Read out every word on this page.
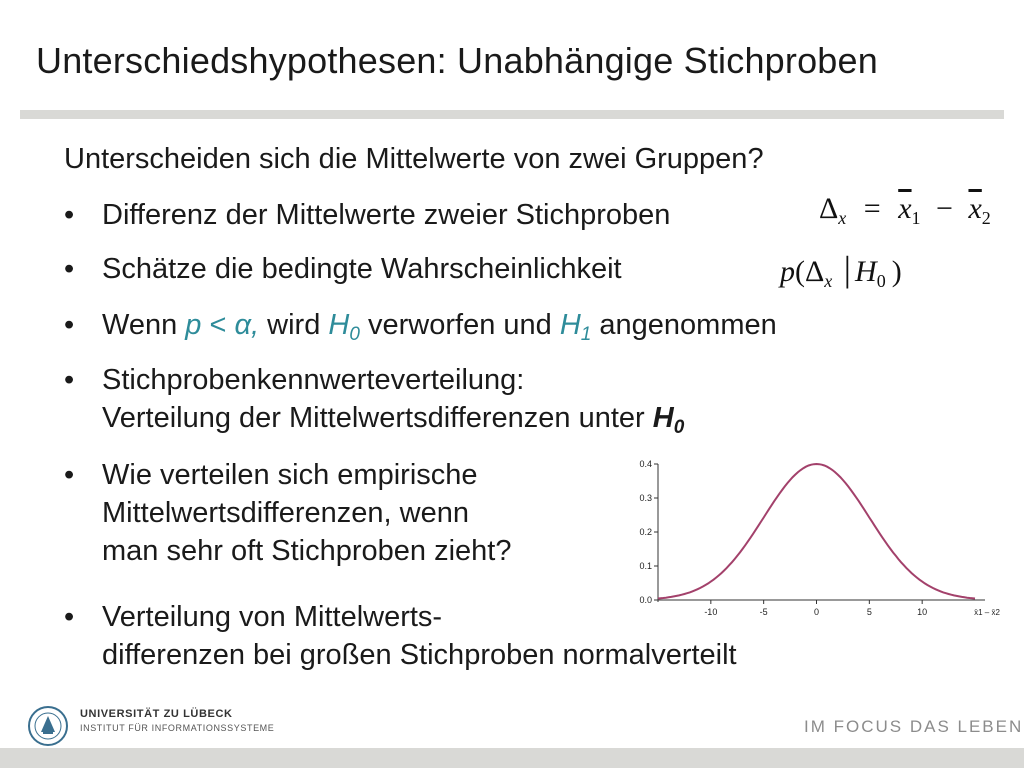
Unterschiedshypothesen: Unabhängige Stichproben
Unterscheiden sich die Mittelwerte von zwei Gruppen?
• Differenz der Mittelwerte zweier Stichproben
• Schätze die bedingte Wahrscheinlichkeit
• Wenn p < α, wird $H_0$ verworfen und $H_1$ angenommen
• Stichprobenkennwerteverteilung:
Verteilung der Mittelwertsdifferenzen unter $H_0$
• Wie verteilen sich empirische
Mittelwertsdifferenzen, wenn
man sehr oft Stichproben zieht?
• Verteilung von Mittelwerts-
differenzen bei großen Stichproben normalverteilt
$\Delta_x = \overline{x}_1 - \overline{x}_2$
$p(\Delta_x$ | $H_0$ )
0.0
0.1
0.2
0.3
0.4
-10	-5	0	5	10	x̄1 – x̄2
UNIVERSITÄT ZU LÜBECK
INSTITUT FÜR INFORMATIONSSYSTEME	IM FOCUS DAS LEBEN
